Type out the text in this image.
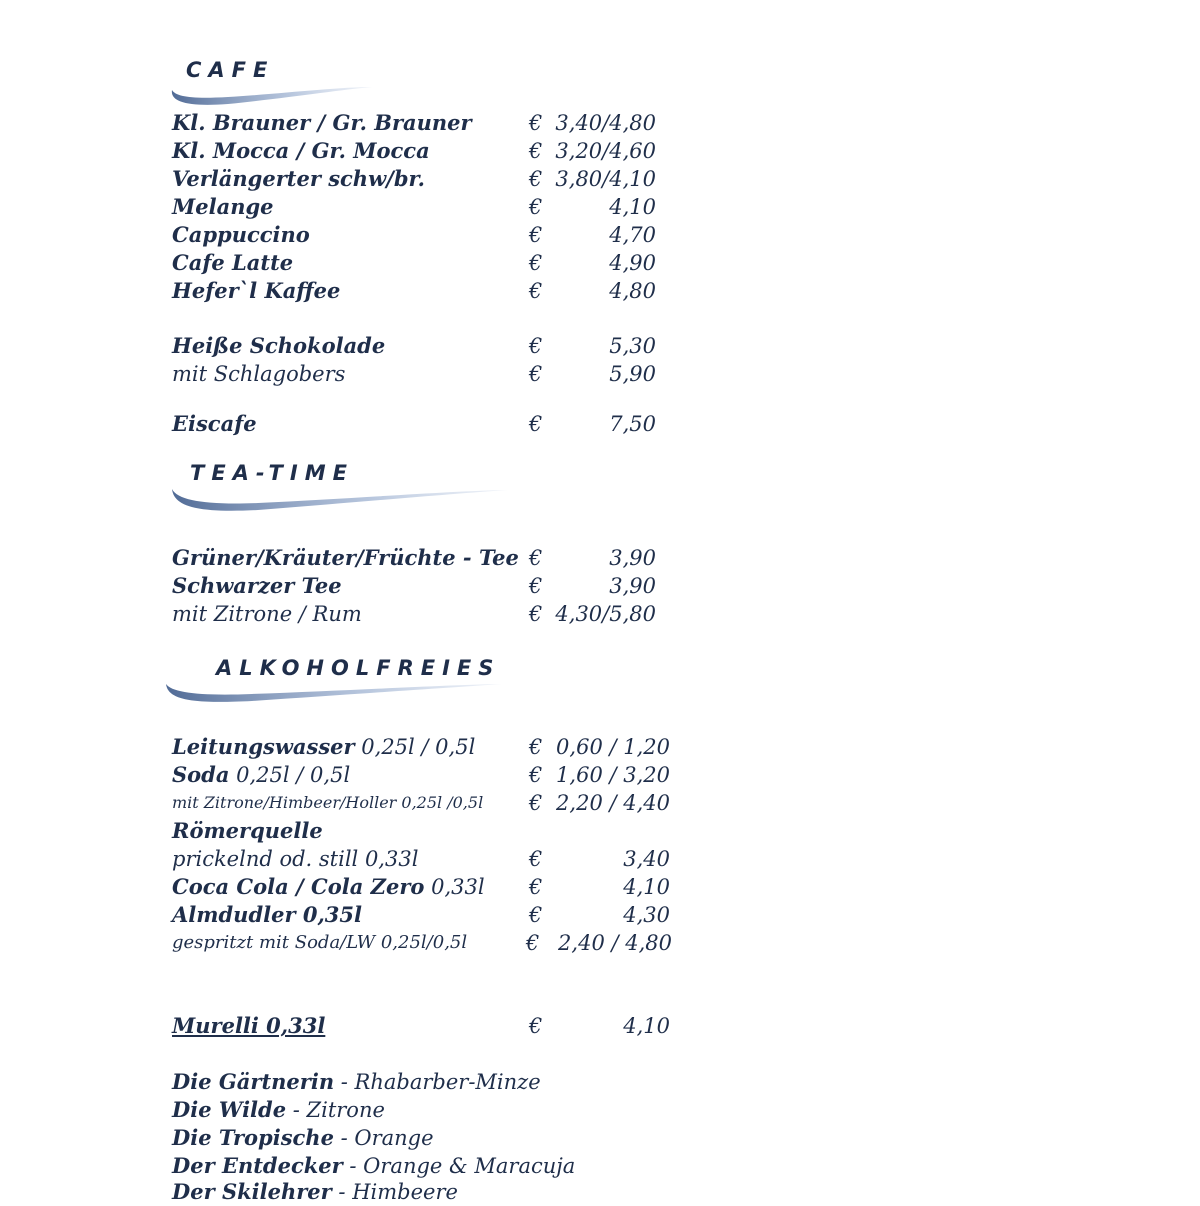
CAFE
Kl. Brauner / Gr. Brauner	€ 3,40/4,80
Kl. Mocca / Gr. Mocca	€ 3,20/4,60
Verlängerter schw/br.	€ 3,80/4,10
Melange	€	4,10
Cappuccino	€	4,70
Cafe Latte	€	4,90
Hefer`l Kaffee	€	4,80
Heiße Schokolade	€	5,30
mit Schlagobers	€	5,90
Eiscafe	€	7,50
TEA-TIME
Grüner/Kräuter/Früchte - Tee €	3,90
Schwarzer Tee	€	3,90
mit Zitrone / Rum	€ 4,30/5,80
ALKOHOLFREIES
Leitungswasser 0,25l / 0,5l	€ 0,60 / 1,20
Soda 0,25l / 0,5l	€ 1,60 / 3,20
mit Zitrone/Himbeer/Holler 0,25l /0,5l € 2,20 / 4,40
Römerquelle
prickelnd od. still 0,33l	€	3,40
Coca Cola / Cola Zero 0,33l €	4,10
Almdudler 0,35l	€	4,30
gespritzt mit Soda/LW 0,25l/0,5l	€ 2,40 / 4,80
Murelli 0,33l	€	4,10
Die Gärtnerin - Rhabarber-Minze
Die Wilde - Zitrone
Die Tropische - Orange
Der Entdecker - Orange & Maracuja
Der Skilehrer - Himbeere
